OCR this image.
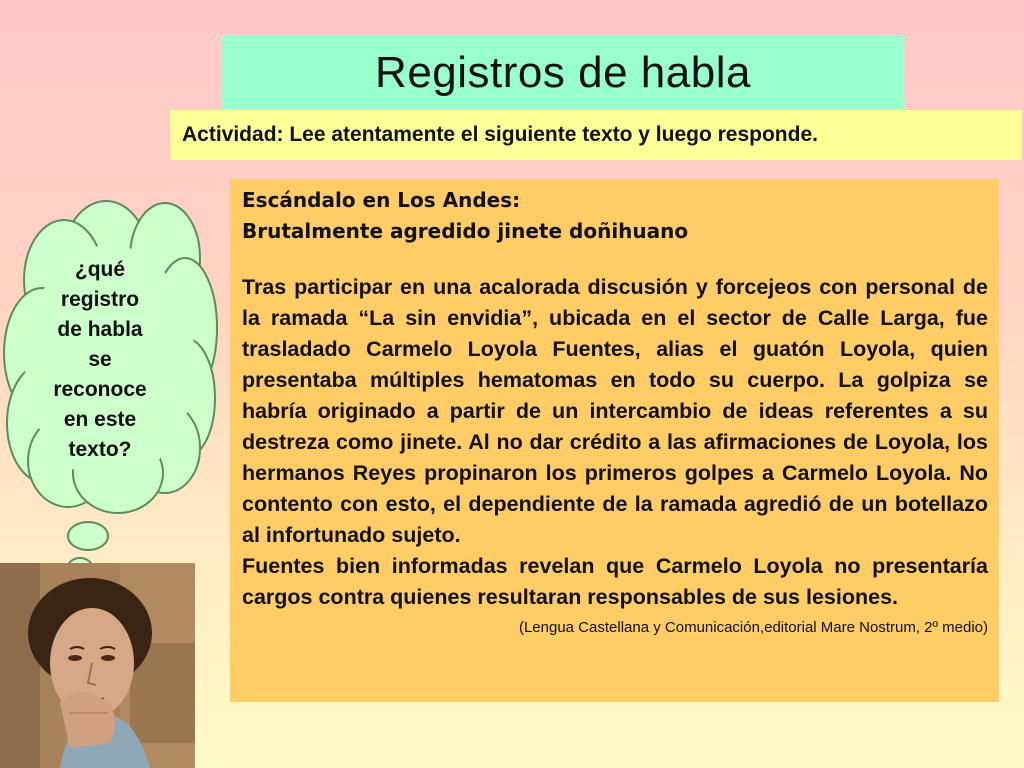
Registros de habla
Actividad: Lee atentamente el siguiente texto y luego responde.
¿qué
registro
de habla
se
reconoce
en este
texto?
Escándalo en Los Andes:
Brutalmente agredido jinete doñihuano
Tras participar en una acalorada discusión y forcejeos con personal de la ramada “La sin envidia”, ubicada en el sector de Calle Larga, fue trasladado Carmelo Loyola Fuentes, alias el guatón Loyola, quien presentaba múltiples hematomas en todo su cuerpo. La golpiza se habría originado a partir de un intercambio de ideas referentes a su destreza como jinete. Al no dar crédito a las afirmaciones de Loyola, los hermanos Reyes propinaron los primeros golpes a Carmelo Loyola. No contento con esto, el dependiente de la ramada agredió de un botellazo al infortunado sujeto.
Fuentes bien informadas revelan que Carmelo Loyola no presentaría cargos contra quienes resultaran responsables de sus lesiones.
(Lengua Castellana y Comunicación,editorial Mare Nostrum, 2º medio)
